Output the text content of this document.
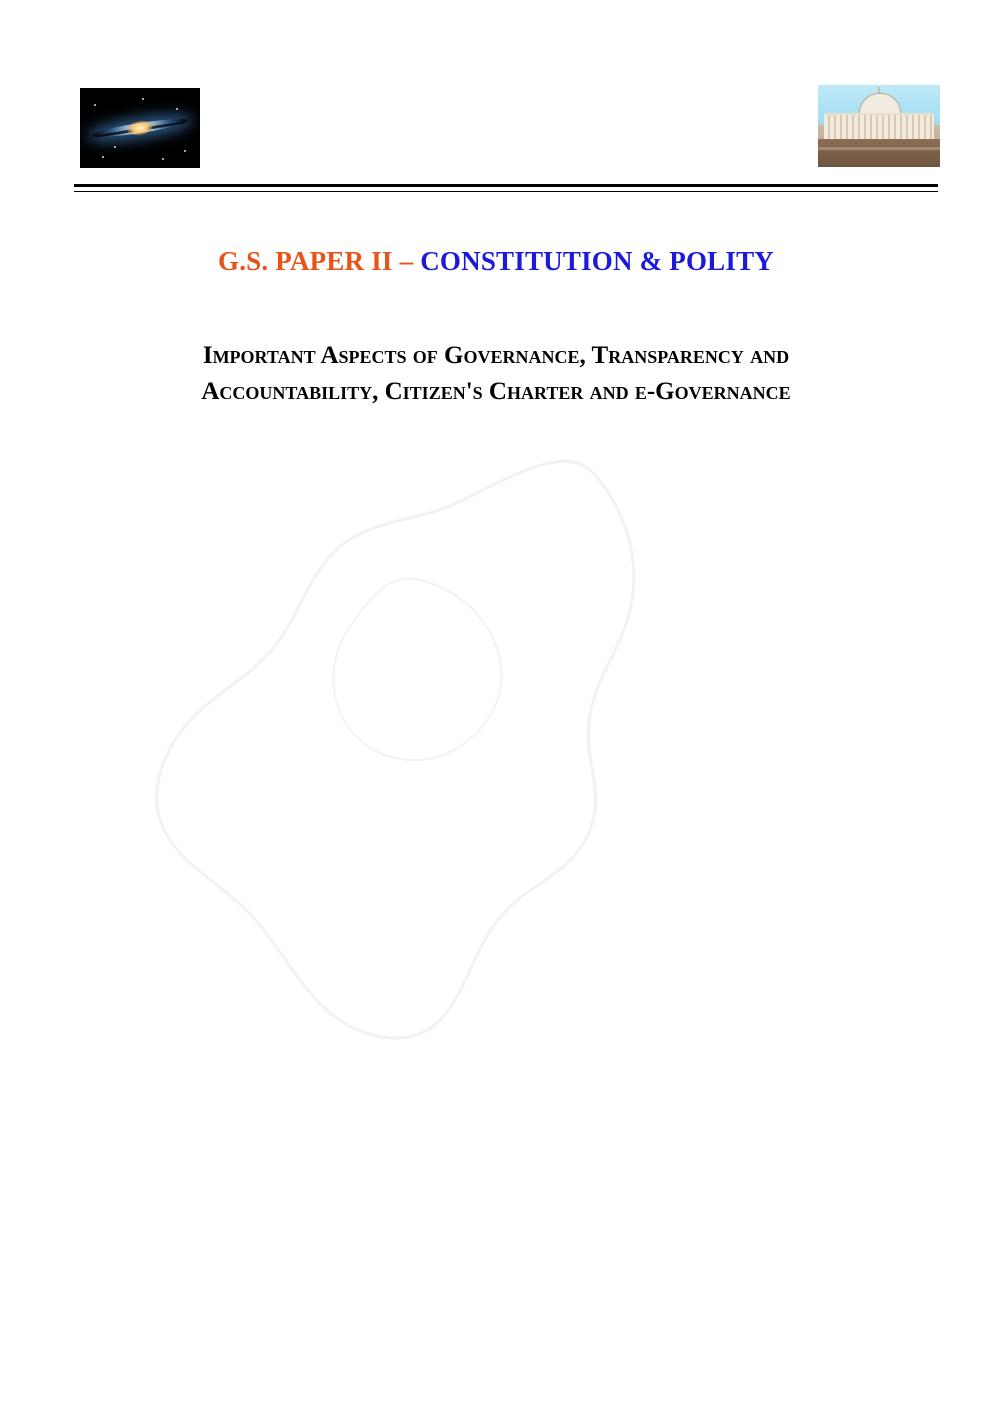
G.S. PAPER II – CONSTITUTION & POLITY
Important Aspects of Governance, Transparency and
Accountability, Citizen's Charter and e-Governance
